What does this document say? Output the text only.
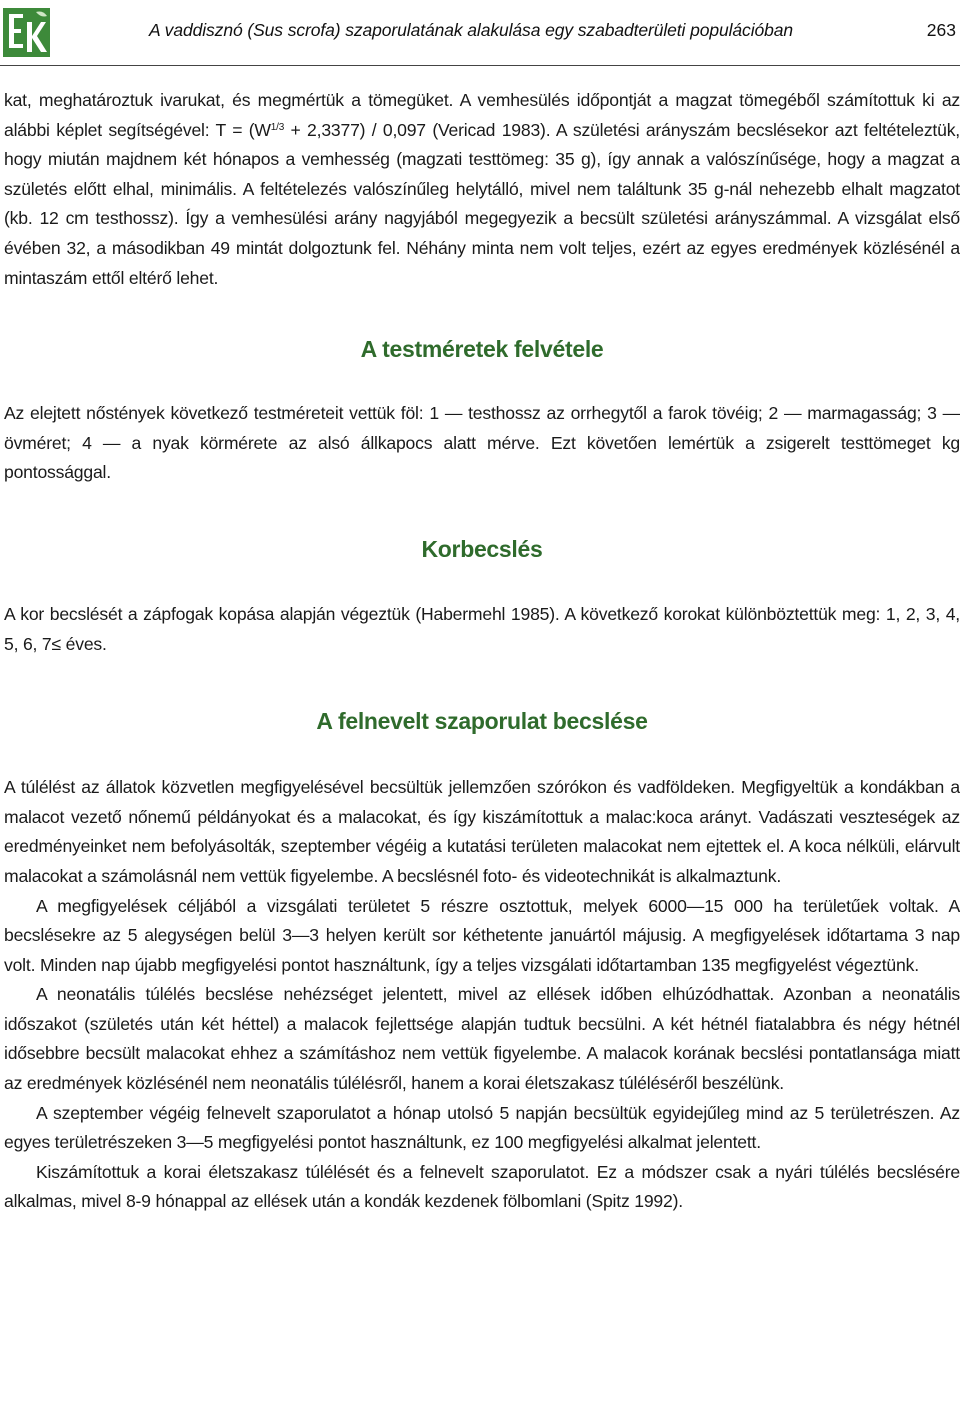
A vaddisznó (Sus scrofa) szaporulatának alakulása egy szabadterületi populációban	263

kat, meghatároztuk ivarukat, és megmértük a tömegüket. A vemhesülés időpontját a magzat tömegéből számítottuk ki az alábbi képlet segítségével: $T = (W^{1/3} + 2,3377) / 0,097$ (Vericad 1983). A születési arányszám becslésekor azt feltételeztük, hogy miután majdnem két hónapos a vemhesség (magzati testtömeg: 35 g), így annak a valószínűsége, hogy a magzat a születés előtt elhal, minimális. A feltételezés valószínűleg helytálló, mivel nem találtunk 35 g-nál nehezebb elhalt magzatot (kb. 12 cm testhossz). Így a vemhesülési arány nagyjából megegyezik a becsült születési arányszámmal. A vizsgálat első évében 32, a másodikban 49 mintát dolgoztunk fel. Néhány minta nem volt teljes, ezért az egyes eredmények közlésénél a mintaszám ettől eltérő lehet.

A testméretek felvétele

Az elejtett nőstények következő testméreteit vettük föl: 1 — testhossz az orrhegytől a farok tövéig; 2 — marmagasság; 3 — övméret; 4 — a nyak körmérete az alsó állkapocs alatt mérve. Ezt követően lemértük a zsigerelt testtömeget kg pontossággal.

Korbecslés

A kor becslését a zápfogak kopása alapján végeztük (Habermehl 1985). A következő korokat különböztettük meg: 1, 2, 3, 4, 5, 6, 7≤ éves.

A felnevelt szaporulat becslése

A túlélést az állatok közvetlen megfigyelésével becsültük jellemzően szórókon és vadföldeken. Megfigyeltük a kondákban a malacot vezető nőnemű példányokat és a malacokat, és így kiszámítottuk a malac:koca arányt. Vadászati veszteségek az eredményeinket nem befolyásolták, szeptember végéig a kutatási területen malacokat nem ejtettek el. A koca nélküli, elárvult malacokat a számolásnál nem vettük figyelembe. A becslésnél foto- és videotechnikát is alkalmaztunk.

A megfigyelések céljából a vizsgálati területet 5 részre osztottuk, melyek 6000—15 000 ha területűek voltak. A becslésekre az 5 alegységen belül 3—3 helyen került sor kéthetente januártól májusig. A megfigyelések időtartama 3 nap volt. Minden nap újabb megfigyelési pontot használtunk, így a teljes vizsgálati időtartamban 135 megfigyelést végeztünk.

A neonatális túlélés becslése nehézséget jelentett, mivel az ellések időben elhúzódhattak. Azonban a neonatális időszakot (születés után két héttel) a malacok fejlettsége alapján tudtuk becsülni. A két hétnél fiatalabbra és négy hétnél idősebbre becsült malacokat ehhez a számításhoz nem vettük figyelembe. A malacok korának becslési pontatlansága miatt az eredmények közlésénél nem neonatális túlélésről, hanem a korai életszakasz túléléséről beszélünk.

A szeptember végéig felnevelt szaporulatot a hónap utolsó 5 napján becsültük egyidejűleg mind az 5 területrészen. Az egyes területrészeken 3—5 megfigyelési pontot használtunk, ez 100 megfigyelési alkalmat jelentett.

Kiszámítottuk a korai életszakasz túlélését és a felnevelt szaporulatot. Ez a módszer csak a nyári túlélés becslésére alkalmas, mivel 8-9 hónappal az ellések után a kondák kezdenek fölbomlani (Spitz 1992).
